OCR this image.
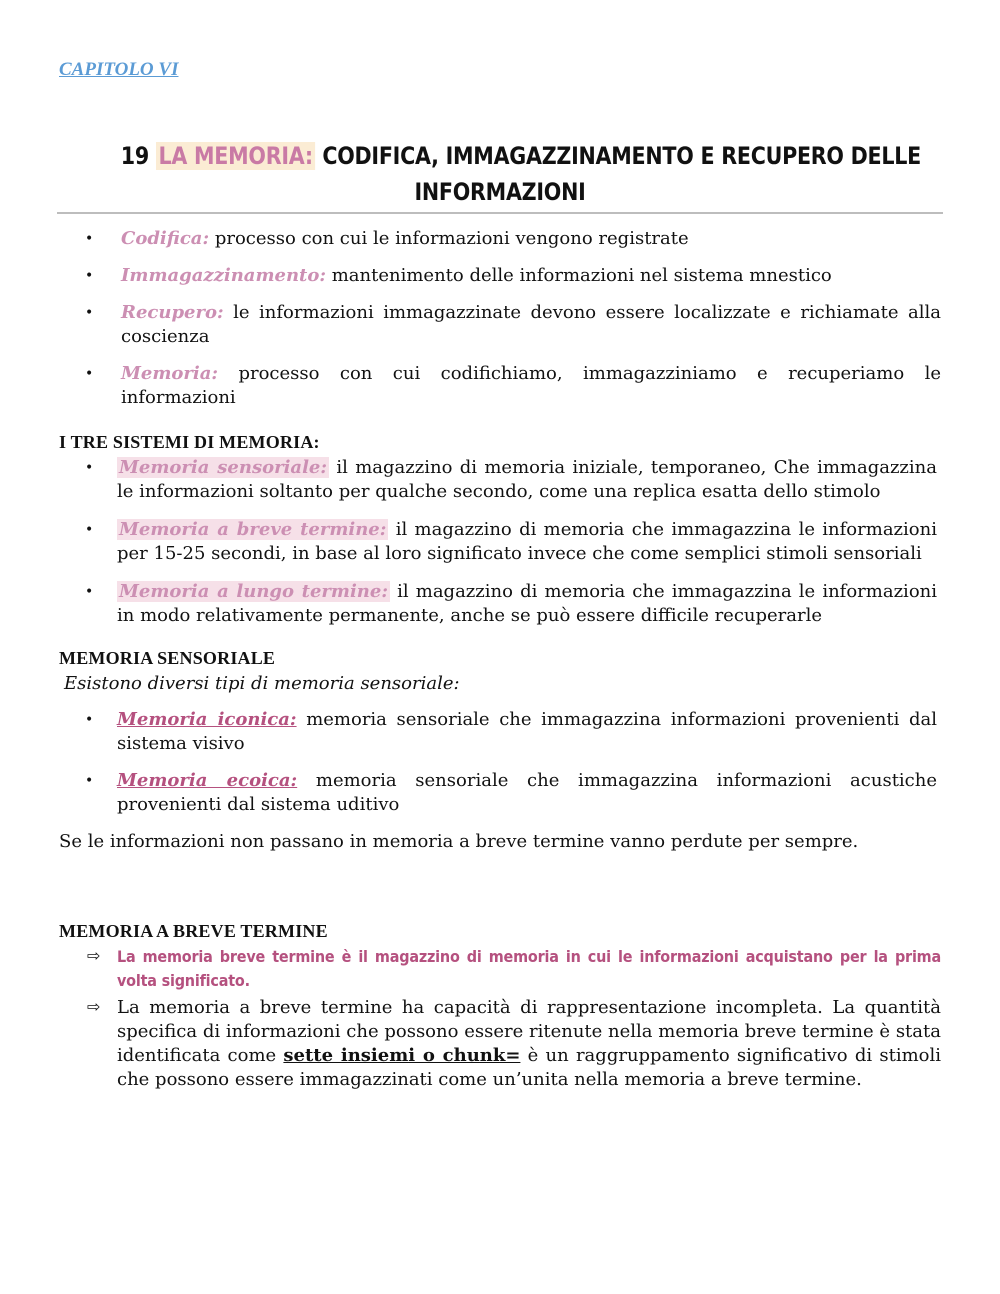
CAPITOLO VI
19 LA MEMORIA: CODIFICA, IMMAGAZZINAMENTO E RECUPERO DELLE
INFORMAZIONI
• Codifica: processo con cui le informazioni vengono registrate
• Immagazzinamento: mantenimento delle informazioni nel sistema mnestico
• Recupero: le informazioni immagazzinate devono essere localizzate e richiamate alla coscienza
• Memoria: processo con cui codifichiamo, immagazziniamo e recuperiamo le informazioni
I TRE SISTEMI DI MEMORIA:
• Memoria sensoriale: il magazzino di memoria iniziale, temporaneo, Che immagazzina le informazioni soltanto per qualche secondo, come una replica esatta dello stimolo
• Memoria a breve termine: il magazzino di memoria che immagazzina le informazioni per 15-25 secondi, in base al loro significato invece che come semplici stimoli sensoriali
• Memoria a lungo termine: il magazzino di memoria che immagazzina le informazioni in modo relativamente permanente, anche se può essere difficile recuperarle
MEMORIA SENSORIALE
Esistono diversi tipi di memoria sensoriale:
• Memoria iconica: memoria sensoriale che immagazzina informazioni provenienti dal sistema visivo
• Memoria ecoica: memoria sensoriale che immagazzina informazioni acustiche provenienti dal sistema uditivo
Se le informazioni non passano in memoria a breve termine vanno perdute per sempre.
MEMORIA A BREVE TERMINE
⇨ La memoria breve termine è il magazzino di memoria in cui le informazioni acquistano per la prima volta significato.
⇨ La memoria a breve termine ha capacità di rappresentazione incompleta. La quantità specifica di informazioni che possono essere ritenute nella memoria breve termine è stata identificata come sette insiemi o chunk= è un raggruppamento significativo di stimoli che possono essere immagazzinati come un’unita nella memoria a breve termine.
